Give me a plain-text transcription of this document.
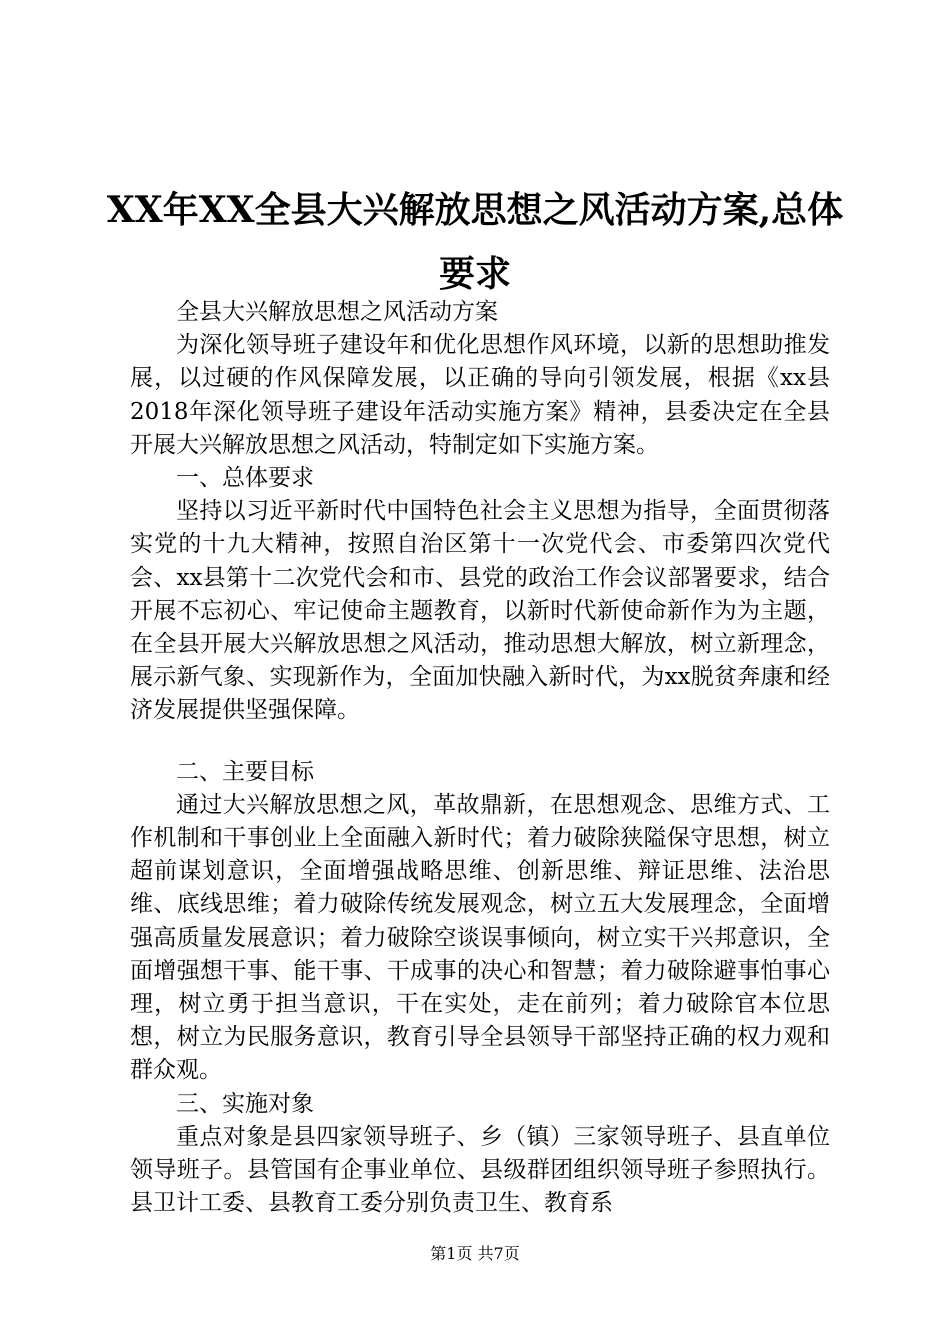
XX年XX全县大兴解放思想之风活动方案,总体要求

全县大兴解放思想之风活动方案

为深化领导班子建设年和优化思想作风环境，以新的思想助推发展，以过硬的作风保障发展，以正确的导向引领发展，根据《xx县2018年深化领导班子建设年活动实施方案》精神，县委决定在全县开展大兴解放思想之风活动，特制定如下实施方案。

一、总体要求

坚持以习近平新时代中国特色社会主义思想为指导，全面贯彻落实党的十九大精神，按照自治区第十一次党代会、市委第四次党代会、xx县第十二次党代会和市、县党的政治工作会议部署要求，结合开展不忘初心、牢记使命主题教育，以新时代新使命新作为为主题，在全县开展大兴解放思想之风活动，推动思想大解放，树立新理念，展示新气象、实现新作为，全面加快融入新时代，为xx脱贫奔康和经济发展提供坚强保障。

二、主要目标

通过大兴解放思想之风，革故鼎新，在思想观念、思维方式、工作机制和干事创业上全面融入新时代；着力破除狭隘保守思想，树立超前谋划意识，全面增强战略思维、创新思维、辩证思维、法治思维、底线思维；着力破除传统发展观念，树立五大发展理念，全面增强高质量发展意识；着力破除空谈误事倾向，树立实干兴邦意识，全面增强想干事、能干事、干成事的决心和智慧；着力破除避事怕事心理，树立勇于担当意识，干在实处，走在前列；着力破除官本位思想，树立为民服务意识，教育引导全县领导干部坚持正确的权力观和群众观。

三、实施对象

重点对象是县四家领导班子、乡（镇）三家领导班子、县直单位领导班子。县管国有企事业单位、县级群团组织领导班子参照执行。县卫计工委、县教育工委分别负责卫生、教育系

第1页 共7页
